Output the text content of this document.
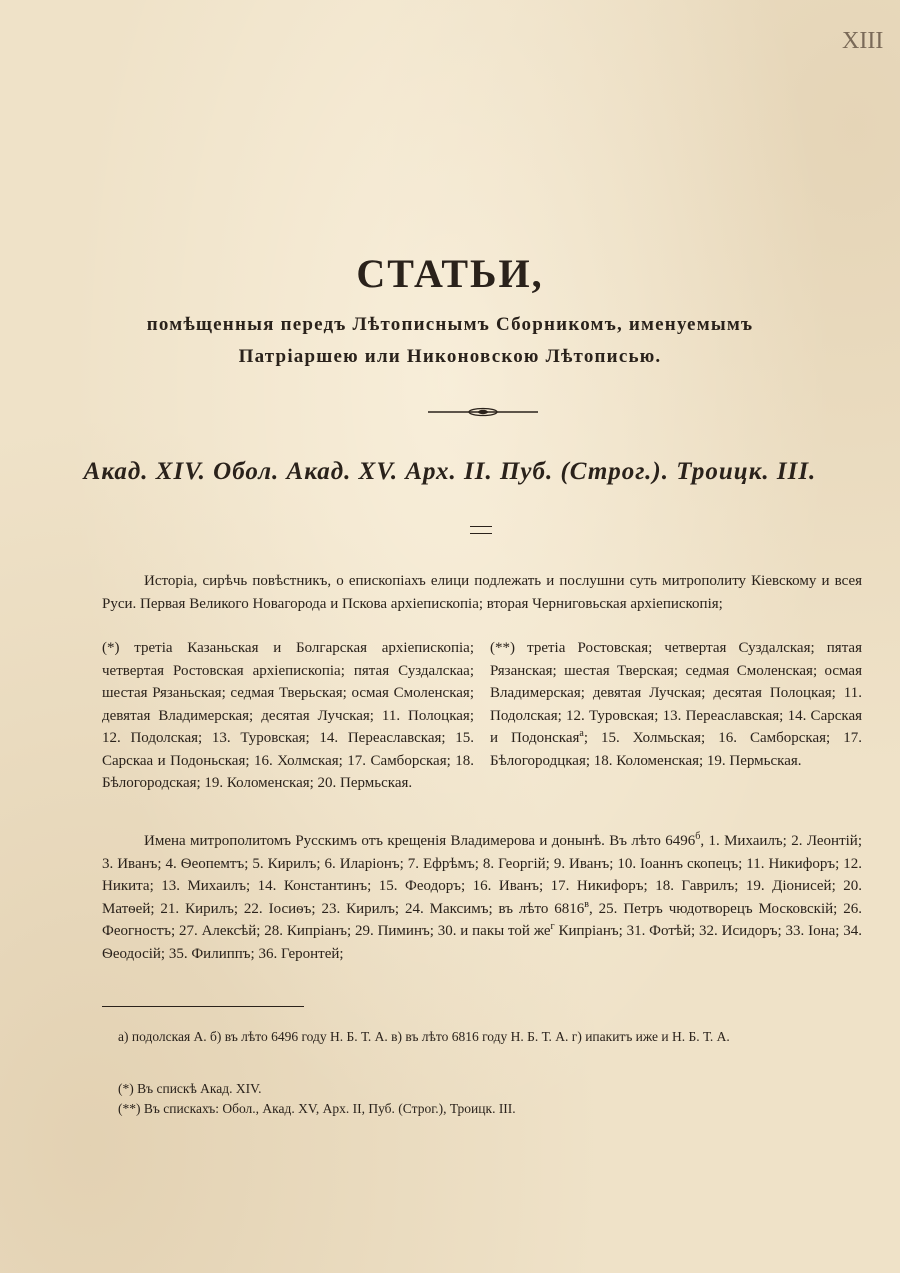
XIII
СТАТЬИ,
помѣщенныя передъ Лѣтописнымъ Сборникомъ, именуемымъ
Патріаршею или Никоновскою Лѣтописью.
Акад. XIV. Обол. Акад. XV. Арх. II. Пуб. (Строг.). Троицк. III.
Исторіа, сирѣчь повѣстникъ, о епископіахъ елици подлежать и послушни суть митрополиту Кіевскому и всея Руси. Первая Великого Новагорода и Пскова архіепископіа; вторая Черниговьская архіепископія;
(*) третіа Казаньская и Болгарская архіепископіа; четвертая Ростовская архіепископіа; пятая Суздалскаа; шестая Рязаньская; седмая Тверьская; осмая Смоленская; девятая Владимерская; десятая Лучская; 11. Полоцкая; 12. Подолская; 13. Туровская; 14. Переаславская; 15. Сарскаа и Подоньская; 16. Холмская; 17. Самборская; 18. Бѣлогородская; 19. Коломенская; 20. Пермьская.
(**) третіа Ростовская; четвертая Суздалская; пятая Рязанская; шестая Тверская; седмая Смоленская; осмая Владимерская; девятая Лучская; десятая Полоцкая; 11. Подолская; 12. Туровская; 13. Переаславская; 14. Сарская и Подонская$^а$; 15. Холмьская; 16. Самборская; 17. Бѣлогородцкая; 18. Коломенская; 19. Пермьская.
Имена митрополитомъ Русскимъ отъ крещенія Владимерова и донынѣ. Въ лѣто $6496^б$, 1. Михаилъ; 2. Леонтій; 3. Иванъ; 4. Ѳеопемтъ; 5. Кирилъ; 6. Иларіонъ; 7. Ефрѣмъ; 8. Георгій; 9. Иванъ; 10. Іоаннъ скопецъ; 11. Никифоръ; 12. Никита; 13. Михаилъ; 14. Константинъ; 15. Феодоръ; 16. Иванъ; 17. Никифоръ; 18. Гаврилъ; 19. Діонисей; 20. Матѳей; 21. Кирилъ; 22. Іосиѳъ; 23. Кирилъ; 24. Максимъ; въ лѣто $6816^в$, 25. Петръ чюдотворецъ Московскій; 26. Феогностъ; 27. Алексѣй; 28. Кипріанъ; 29. Пиминъ; 30. и пакы той $же^г$ Кипріанъ; 31. Фотѣй; 32. Исидоръ; 33. Іона; 34. Ѳеодосій; 35. Филиппъ; 36. Геронтей;
а) подолская А. б) въ лѣто 6496 году Н. Б. Т. А. в) въ лѣто 6816 году Н. Б. Т. А. г) ипакитъ иже и Н. Б. Т. А.
(*) Въ спискѣ Акад. XIV.
(**) Въ спискахъ: Обол., Акад. XV, Арх. II, Пуб. (Строг.), Троицк. III.
